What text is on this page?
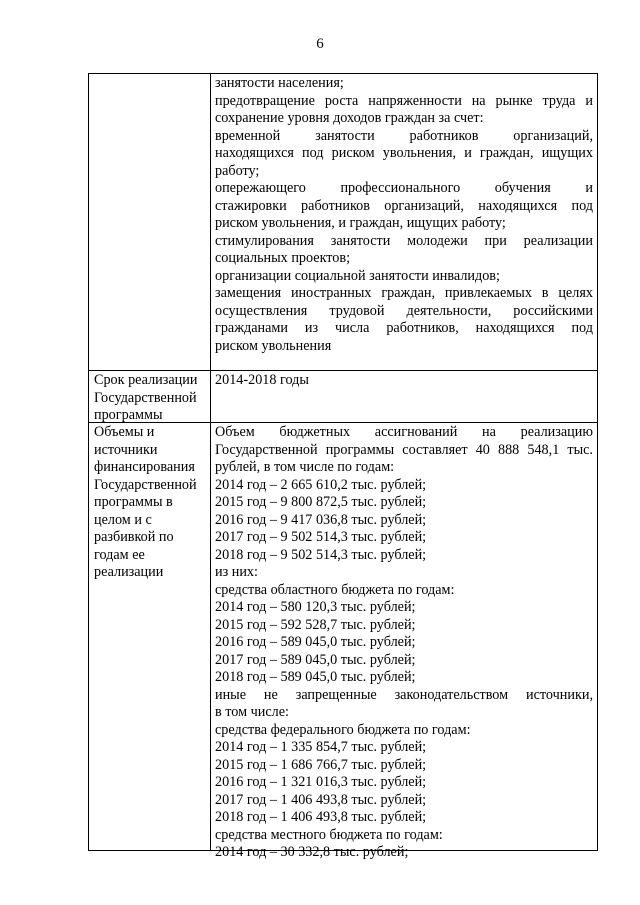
6
занятости населения;
предотвращение роста напряженности на рынке труда и
сохранение уровня доходов граждан за счет:
временной занятости работников организаций,
находящихся под риском увольнения, и граждан, ищущих
работу;
опережающего профессионального обучения и
стажировки работников организаций, находящихся под
риском увольнения, и граждан, ищущих работу;
стимулирования занятости молодежи при реализации
социальных проектов;
организации социальной занятости инвалидов;
замещения иностранных граждан, привлекаемых в целях
осуществления трудовой деятельности, российскими
гражданами из числа работников, находящихся под
риском увольнения
Срок реализации
Государственной
программы
2014-2018 годы
Объемы и
источники
финансирования
Государственной
программы в
целом и с
разбивкой по
годам ее
реализации
Объем бюджетных ассигнований на реализацию
Государственной программы составляет 40 888 548,1 тыс.
рублей, в том числе по годам:
2014 год – 2 665 610,2 тыс. рублей;
2015 год – 9 800 872,5 тыс. рублей;
2016 год – 9 417 036,8 тыс. рублей;
2017 год – 9 502 514,3 тыс. рублей;
2018 год – 9 502 514,3 тыс. рублей;
из них:
средства областного бюджета по годам:
2014 год – 580 120,3 тыс. рублей;
2015 год – 592 528,7 тыс. рублей;
2016 год – 589 045,0 тыс. рублей;
2017 год – 589 045,0 тыс. рублей;
2018 год – 589 045,0 тыс. рублей;
иные не запрещенные законодательством источники,
в том числе:
средства федерального бюджета по годам:
2014 год – 1 335 854,7 тыс. рублей;
2015 год – 1 686 766,7 тыс. рублей;
2016 год – 1 321 016,3 тыс. рублей;
2017 год – 1 406 493,8 тыс. рублей;
2018 год – 1 406 493,8 тыс. рублей;
средства местного бюджета по годам:
2014 год – 30 332,8 тыс. рублей;
